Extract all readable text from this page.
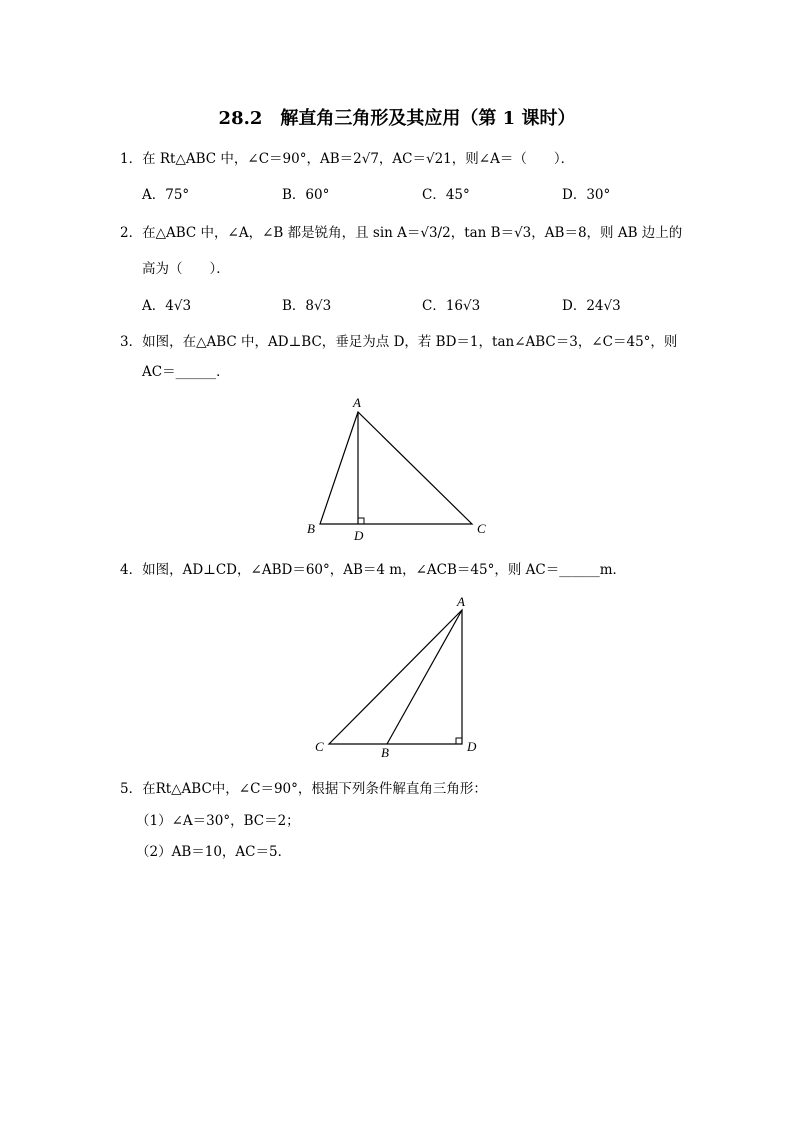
28.2　解直角三角形及其应用（第 1 课时）
1．在 Rt△ABC 中，∠C＝90°，AB＝2√7，AC＝√21，则∠A＝（　　）．
A．75°	B．60°	C．45°	D．30°
2．在△ABC 中，∠A，∠B 都是锐角，且 sin A＝√3/2，tan B＝√3，AB＝8，则 AB 边上的
高为（　　）．
A．4√3	B．8√3	C．16√3	D．24√3
3．如图，在△ABC 中，AD⊥BC，垂足为点 D，若 BD＝1，tan∠ABC＝3，∠C＝45°，则
AC＝______．
A
B	C
D
4．如图，AD⊥CD，∠ABD＝60°，AB＝4 m，∠ACB＝45°，则 AC＝______m．
A
C	B	D
5．在Rt△ABC中，∠C＝90°，根据下列条件解直角三角形：
（1）∠A＝30°，BC＝2；
（2）AB＝10，AC＝5．
